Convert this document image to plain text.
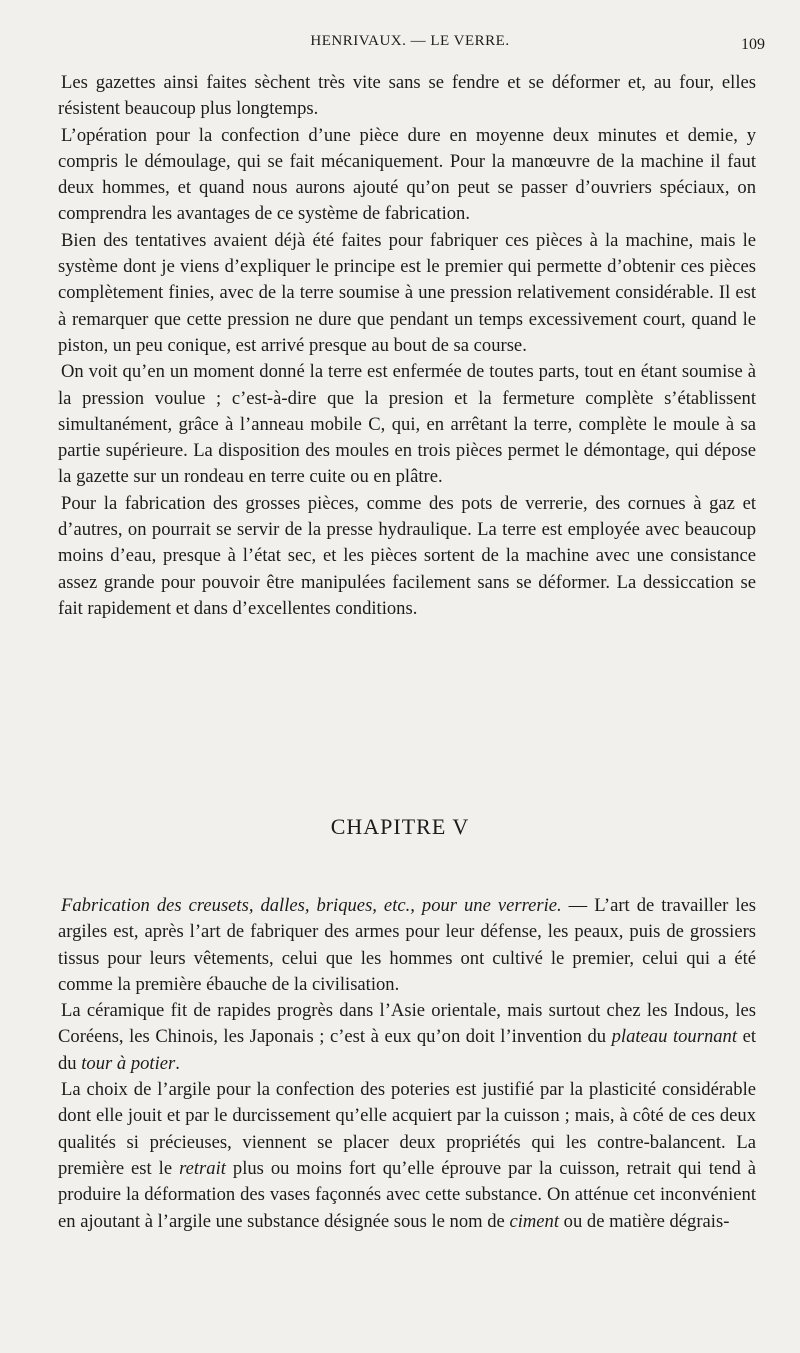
HENRIVAUX. — LE VERRE.	109

Les gazettes ainsi faites sèchent très vite sans se fendre et se déformer et, au four, elles résistent beaucoup plus longtemps.

L’opération pour la confection d’une pièce dure en moyenne deux minutes et demie, y compris le démoulage, qui se fait mécaniquement. Pour la manœuvre de la machine il faut deux hommes, et quand nous aurons ajouté qu’on peut se passer d’ouvriers spéciaux, on comprendra les avantages de ce système de fabrication.

Bien des tentatives avaient déjà été faites pour fabriquer ces pièces à la machine, mais le système dont je viens d’expliquer le principe est le premier qui permette d’obtenir ces pièces complètement finies, avec de la terre soumise à une pression relativement considérable. Il est à remarquer que cette pression ne dure que pendant un temps excessivement court, quand le piston, un peu conique, est arrivé presque au bout de sa course.

On voit qu’en un moment donné la terre est enfermée de toutes parts, tout en étant soumise à la pression voulue ; c’est-à-dire que la presion et la fermeture complète s’établissent simultanément, grâce à l’anneau mobile C, qui, en arrêtant la terre, complète le moule à sa partie supérieure. La disposition des moules en trois pièces permet le démontage, qui dépose la gazette sur un rondeau en terre cuite ou en plâtre.

Pour la fabrication des grosses pièces, comme des pots de verrerie, des cornues à gaz et d’autres, on pourrait se servir de la presse hydraulique. La terre est employée avec beaucoup moins d’eau, presque à l’état sec, et les pièces sortent de la machine avec une consistance assez grande pour pouvoir être manipulées facilement sans se déformer. La dessiccation se fait rapidement et dans d’excellentes conditions.

CHAPITRE V

Fabrication des creusets, dalles, briques, etc., pour une verrerie. — L’art de travailler les argiles est, après l’art de fabriquer des armes pour leur défense, les peaux, puis de grossiers tissus pour leurs vêtements, celui que les hommes ont cultivé le premier, celui qui a été comme la première ébauche de la civilisation.

La céramique fit de rapides progrès dans l’Asie orientale, mais surtout chez les Indous, les Coréens, les Chinois, les Japonais ; c’est à eux qu’on doit l’invention du plateau tournant et du tour à potier.

La choix de l’argile pour la confection des poteries est justifié par la plasticité considérable dont elle jouit et par le durcissement qu’elle acquiert par la cuisson ; mais, à côté de ces deux qualités si précieuses, viennent se placer deux propriétés qui les contre-balancent. La première est le retrait plus ou moins fort qu’elle éprouve par la cuisson, retrait qui tend à produire la déformation des vases façonnés avec cette substance. On atténue cet inconvénient en ajoutant à l’argile une substance désignée sous le nom de ciment ou de matière dégrais-
